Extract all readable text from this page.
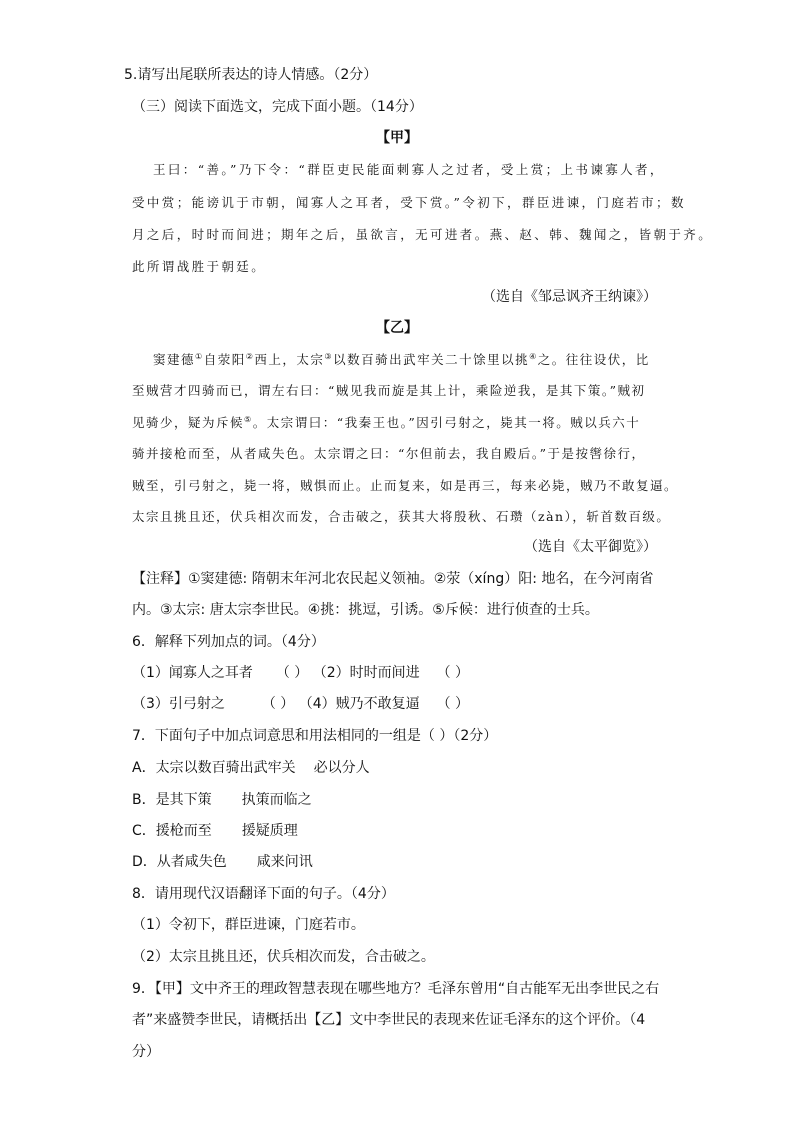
5.请写出尾联所表达的诗人情感。（2分）
（三）阅读下面选文，完成下面小题。（14分）
【甲】
王曰：“善。”乃下令：“群臣吏民能面刺寡人之过者，受上赏；上书谏寡人者，
受中赏；能谤讥于市朝，闻寡人之耳者，受下赏。”令初下，群臣进谏，门庭若市；数
月之后，时时而间进；期年之后，虽欲言，无可进者。燕、赵、韩、魏闻之，皆朝于齐。
此所谓战胜于朝廷。
（选自《邹忌讽齐王纳谏》）
【乙】
窦建德①自荥阳②西上，太宗③以数百骑出武牢关二十馀里以挑④之。往往设伏，比
至贼营才四骑而已，谓左右曰：“贼见我而旋是其上计，乘险逆我，是其下策。”贼初
见骑少，疑为斥候⑤。太宗谓曰：“我秦王也。”因引弓射之，毙其一将。贼以兵六十
骑并接枪而至，从者咸失色。太宗谓之曰：“尔但前去，我自殿后。”于是按辔徐行，
贼至，引弓射之，毙一将，贼惧而止。止而复来，如是再三，每来必毙，贼乃不敢复逼。
太宗且挑且还，伏兵相次而发，合击破之，获其大将殷秋、石瓒（zàn），斩首数百级。
（选自《太平御览》）
【注释】①窦建德: 隋朝末年河北农民起义领袖。②荥（xíng）阳: 地名，在今河南省
内。③太宗: 唐太宗李世民。④挑：挑逗，引诱。⑤斥候：进行侦查的士兵。
6．解释下列加点的词。（4分）
（1）闻寡人之耳者 （ ） （2）时时而间进 （ ）
（3）引弓射之	（ ） （4）贼乃不敢复逼 （ ）
7．下面句子中加点词意思和用法相同的一组是（ ）（2分）
A．太宗以数百骑出武牢关 必以分人
B．是其下策 执策而临之
C．援枪而至 援疑质理
D．从者咸失色 咸来问讯
8．请用现代汉语翻译下面的句子。（4分）
（1）令初下，群臣进谏，门庭若市。
（2）太宗且挑且还，伏兵相次而发，合击破之。
9．【甲】文中齐王的理政智慧表现在哪些地方？毛泽东曾用“自古能军无出李世民之右
者”来盛赞李世民，请概括出【乙】文中李世民的表现来佐证毛泽东的这个评价。（4
分）
